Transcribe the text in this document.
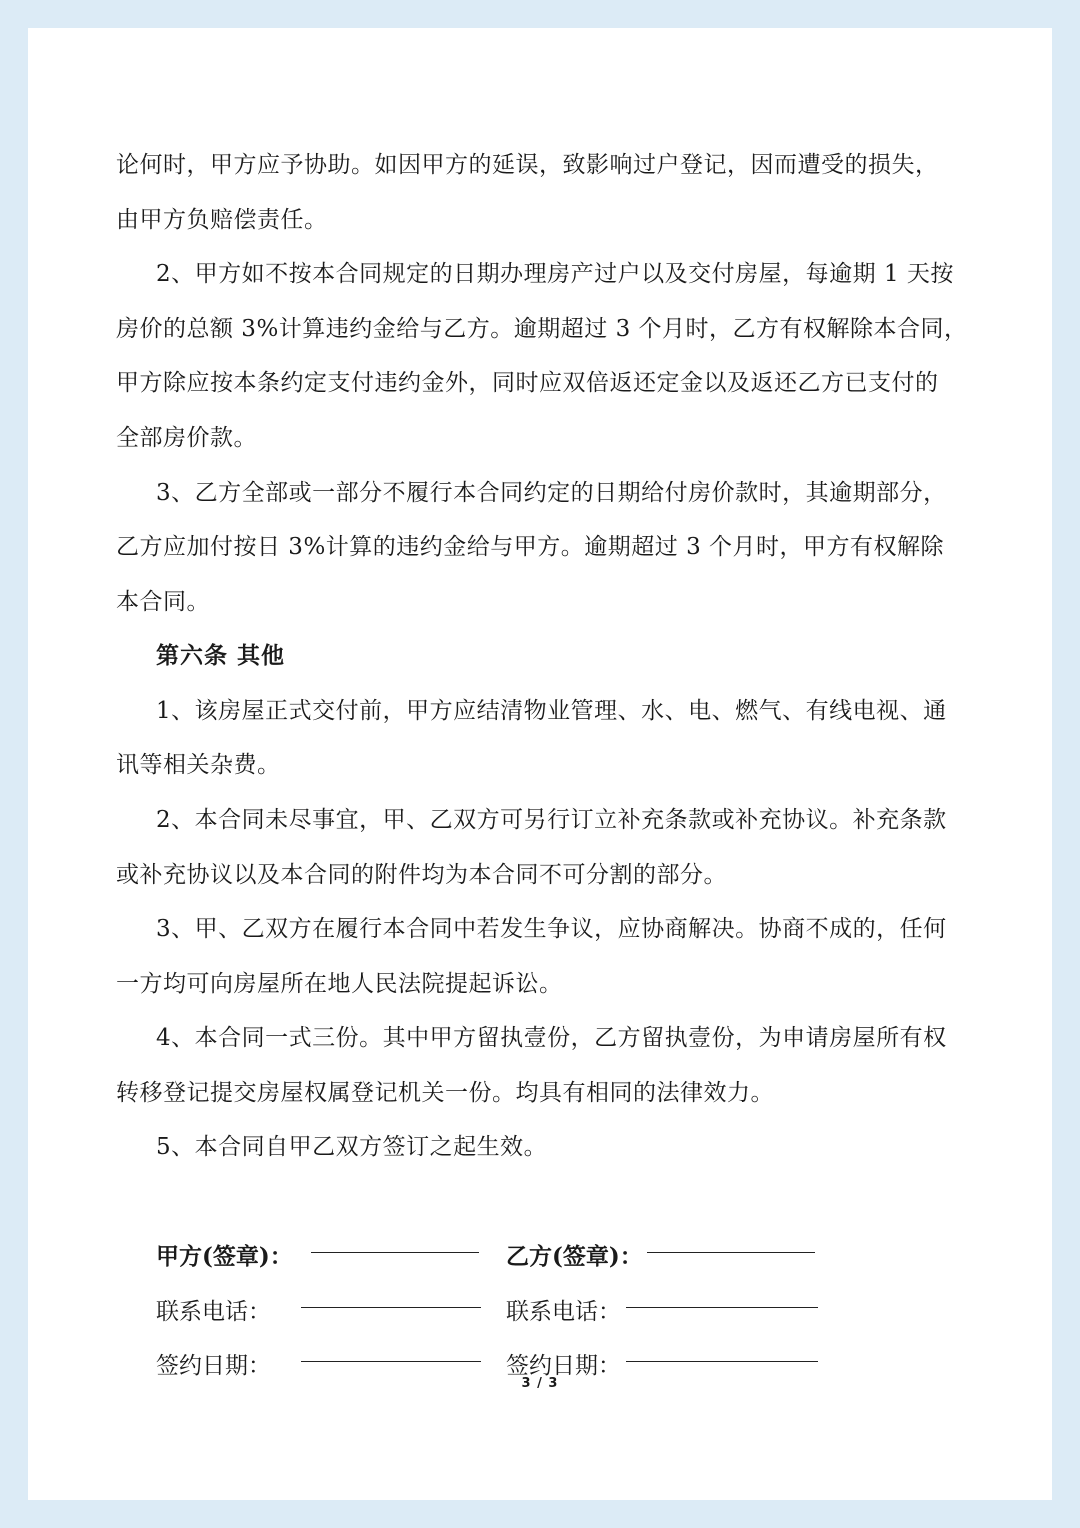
论何时，甲方应予协助。如因甲方的延误，致影响过户登记，因而遭受的损失，
由甲方负赔偿责任。
2、甲方如不按本合同规定的日期办理房产过户以及交付房屋，每逾期 1 天按
房价的总额 3%计算违约金给与乙方。逾期超过 3 个月时，乙方有权解除本合同，
甲方除应按本条约定支付违约金外，同时应双倍返还定金以及返还乙方已支付的
全部房价款。
3、乙方全部或一部分不履行本合同约定的日期给付房价款时，其逾期部分，
乙方应加付按日 3%计算的违约金给与甲方。逾期超过 3 个月时，甲方有权解除
本合同。
第六条 其他
1、该房屋正式交付前，甲方应结清物业管理、水、电、燃气、有线电视、通
讯等相关杂费。
2、本合同未尽事宜，甲、乙双方可另行订立补充条款或补充协议。补充条款
或补充协议以及本合同的附件均为本合同不可分割的部分。
3、甲、乙双方在履行本合同中若发生争议，应协商解决。协商不成的，任何
一方均可向房屋所在地人民法院提起诉讼。
4、本合同一式三份。其中甲方留执壹份，乙方留执壹份，为申请房屋所有权
转移登记提交房屋权属登记机关一份。均具有相同的法律效力。
5、本合同自甲乙双方签订之起生效。
甲方(签章)：	乙方(签章)：
联系电话：	联系电话：
签约日期：	签约日期：
3 / 3
